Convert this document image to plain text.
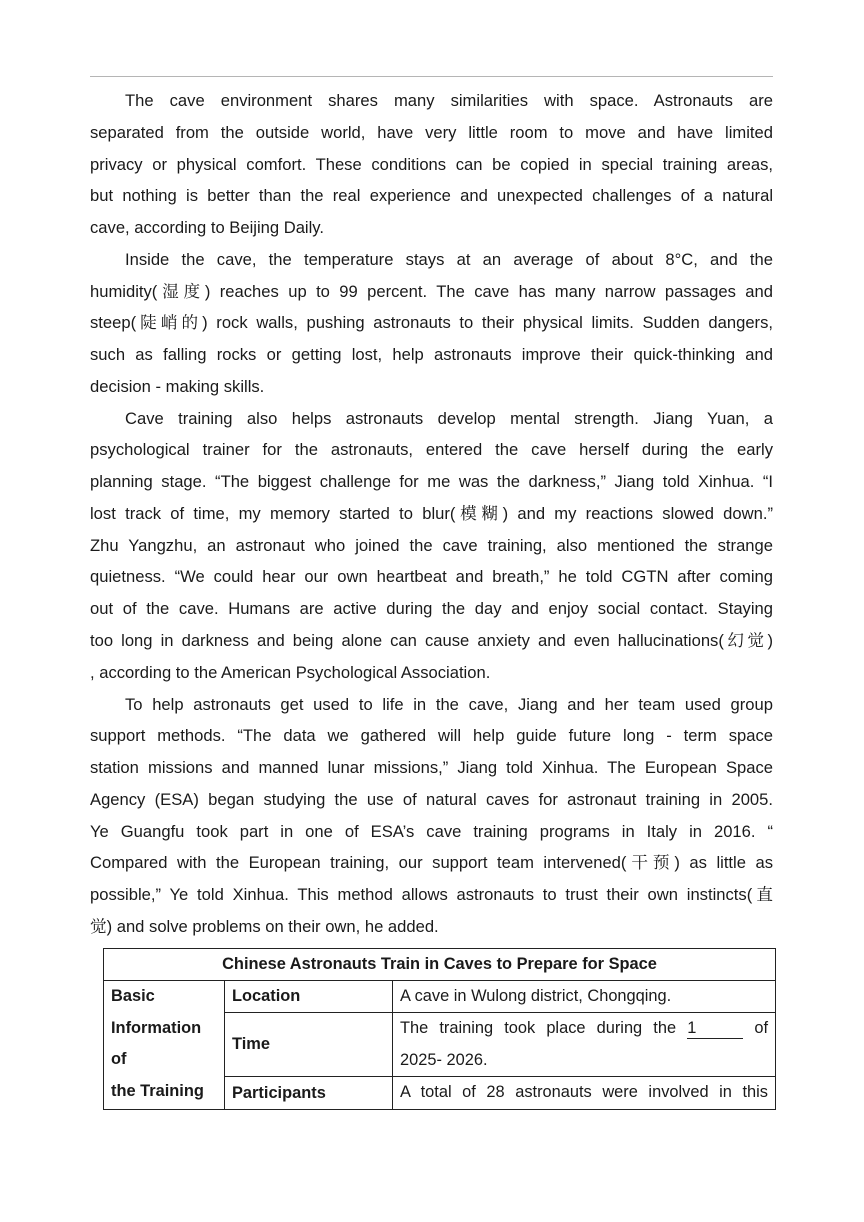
The cave environment shares many similarities with space. Astronauts are
separated from the outside world, have very little room to move and have limited
privacy or physical comfort. These conditions can be copied in special training areas,
but nothing is better than the real experience and unexpected challenges of a natural
cave, according to Beijing Daily.
Inside the cave, the temperature stays at an average of about 8°C, and the
humidity(湿度) reaches up to 99 percent. The cave has many narrow passages and
steep(陡峭的) rock walls, pushing astronauts to their physical limits. Sudden dangers,
such as falling rocks or getting lost, help astronauts improve their quick-thinking and
decision - making skills.
Cave training also helps astronauts develop mental strength. Jiang Yuan, a
psychological trainer for the astronauts, entered the cave herself during the early
planning stage. “The biggest challenge for me was the darkness,” Jiang told Xinhua. “I
lost track of time, my memory started to blur(模糊) and my reactions slowed down.”
Zhu Yangzhu, an astronaut who joined the cave training, also mentioned the strange
quietness. “We could hear our own heartbeat and breath,” he told CGTN after coming
out of the cave. Humans are active during the day and enjoy social contact. Staying
too long in darkness and being alone can cause anxiety and even hallucinations(幻觉)
, according to the American Psychological Association.
To help astronauts get used to life in the cave, Jiang and her team used group
support methods. “The data we gathered will help guide future long - term space
station missions and manned lunar missions,” Jiang told Xinhua. The European Space
Agency (ESA) began studying the use of natural caves for astronaut training in 2005.
Ye Guangfu took part in one of ESA’s cave training programs in Italy in 2016. “
Compared with the European training, our support team intervened(干预) as little as
possible,” Ye told Xinhua. This method allows astronauts to trust their own instincts(直
觉) and solve problems on their own, he added.
Chinese Astronauts Train in Caves to Prepare for Space		

Basic
Information
of
the Training	Location	A cave in Wulong district, Chongqing.
	Time	The training took place during the 1 of
2025- 2026.

	Participants	A total of 28 astronauts were involved in this
